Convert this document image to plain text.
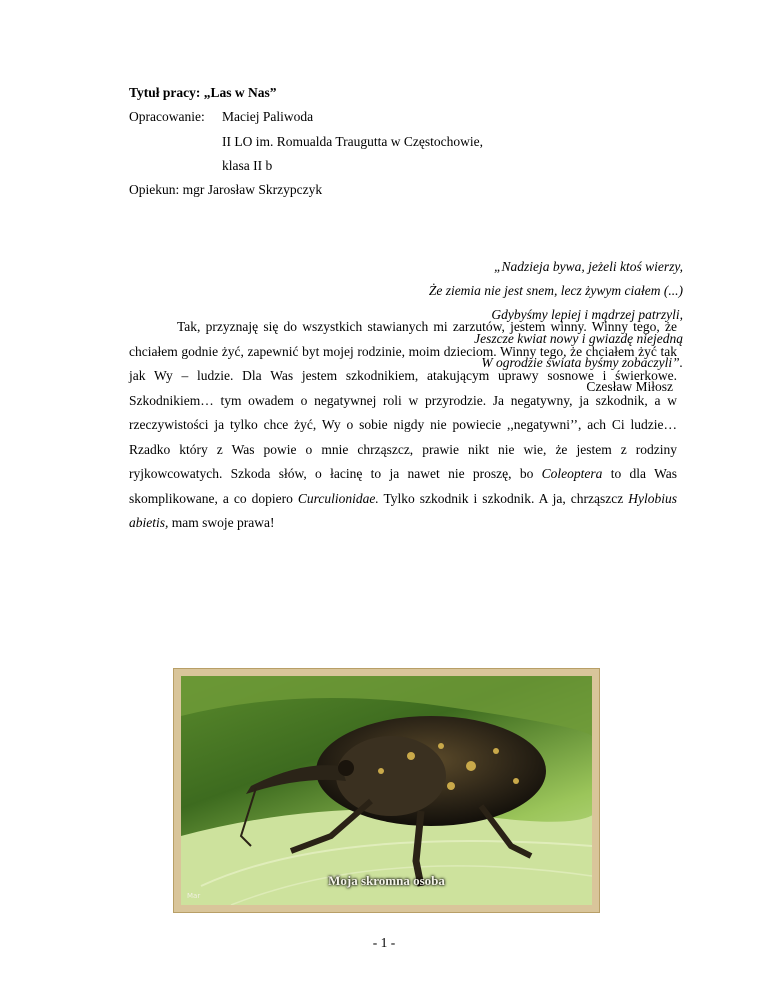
Tytuł pracy: „Las w Nas”
Opracowanie: Maciej Paliwoda
II LO im. Romualda Traugutta w Częstochowie,
klasa II b
Opiekun: mgr Jarosław Skrzypczyk
„Nadzieja bywa, jeżeli ktoś wierzy,
Że ziemia nie jest snem, lecz żywym ciałem (...)
Gdybyśmy lepiej i mądrzej patrzyli,
Jeszcze kwiat nowy i gwiazdę niejedną
W ogrodzie świata byśmy zobaczyli”.
Czesław Miłosz
Tak, przyznaję się do wszystkich stawianych mi zarzutów, jestem winny. Winny tego, że chciałem godnie żyć, zapewnić byt mojej rodzinie, moim dzieciom. Winny tego, że chciałem żyć tak jak Wy – ludzie. Dla Was jestem szkodnikiem, atakującym uprawy sosnowe i świerkowe. Szkodnikiem… tym owadem o negatywnej roli w przyrodzie. Ja negatywny, ja szkodnik, a w rzeczywistości ja tylko chce żyć, Wy o sobie nigdy nie powiecie ,,negatywni’’, ach Ci ludzie… Rzadko który z Was powie o mnie chrząszcz, prawie nikt nie wie, że jestem z rodziny ryjkowcowatych. Szkoda słów, o łacinę to ja nawet nie proszę, bo Coleoptera to dla Was skomplikowane, a co dopiero Curculionidae. Tylko szkodnik i szkodnik. A ja, chrząszcz Hylobius abietis, mam swoje prawa!
Moja skromna osoba
Mar
- 1 -
